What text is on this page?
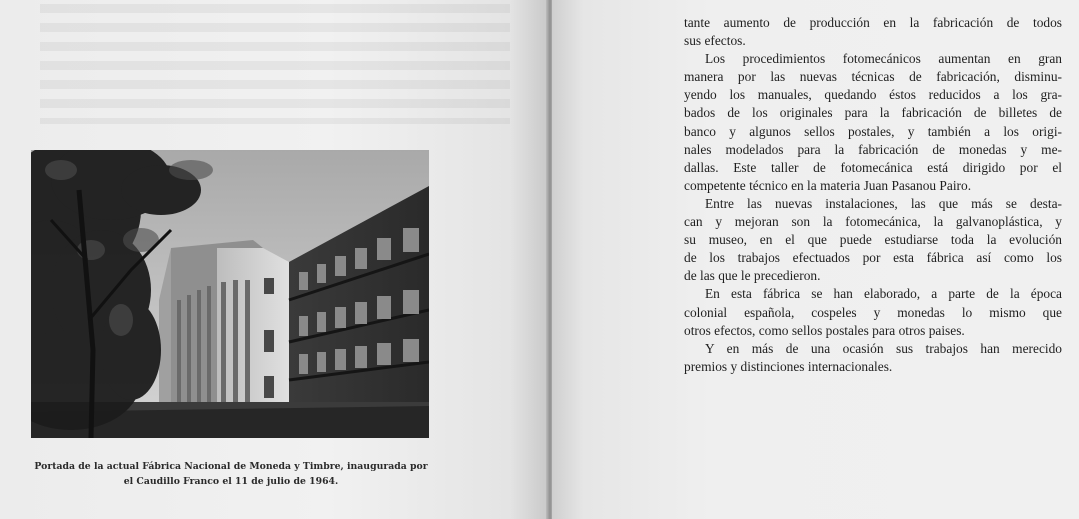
Portada de la actual Fábrica Nacional de Moneda y Timbre, inaugurada por
el Caudillo Franco el 11 de julio de 1964.

tante aumento de producción en la fabricación de todos

sus efectos.

Los procedimientos fotomecánicos aumentan en gran

manera por las nuevas técnicas de fabricación, disminu-

yendo los manuales, quedando éstos reducidos a los gra-

bados de los originales para la fabricación de billetes de

banco y algunos sellos postales, y también a los origi-

nales modelados para la fabricación de monedas y me-

dallas. Este taller de fotomecánica está dirigido por el

competente técnico en la materia Juan Pasanou Pairo.

Entre las nuevas instalaciones, las que más se desta-

can y mejoran son la fotomecánica, la galvanoplástica, y

su museo, en el que puede estudiarse toda la evolución

de los trabajos efectuados por esta fábrica así como los

de las que le precedieron.

En esta fábrica se han elaborado, a parte de la época

colonial española, cospeles y monedas lo mismo que

otros efectos, como sellos postales para otros paises.

Y en más de una ocasión sus trabajos han merecido

premios y distinciones internacionales.
